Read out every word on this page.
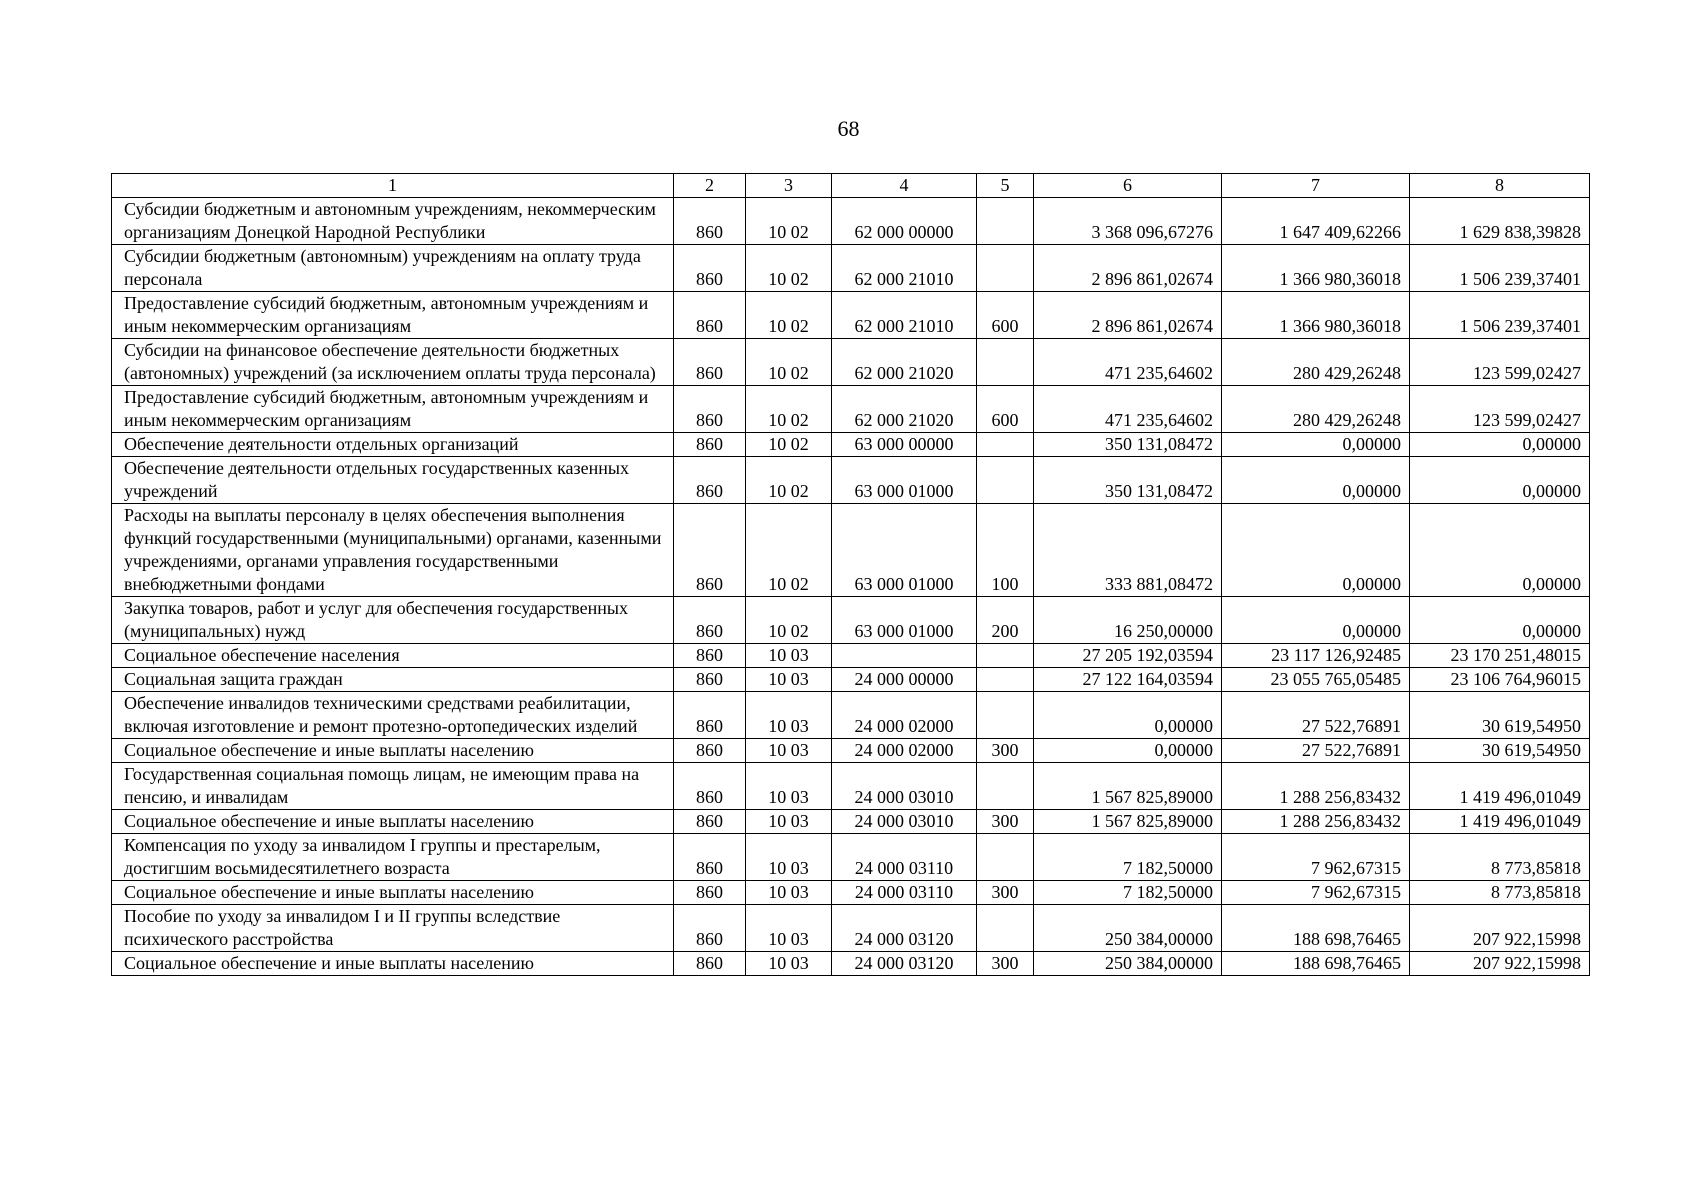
68
1	2	3	4	5	6	7	8
Субсидии бюджетным и автономным учреждениям, некоммерческим организациям Донецкой Народной Республики	860	10 02	62 000 00000		3 368 096,67276	1 647 409,62266	1 629 838,39828
Субсидии бюджетным (автономным) учреждениям на оплату труда персонала	860	10 02	62 000 21010		2 896 861,02674	1 366 980,36018	1 506 239,37401
Предоставление субсидий бюджетным, автономным учреждениям и иным некоммерческим организациям	860	10 02	62 000 21010	600	2 896 861,02674	1 366 980,36018	1 506 239,37401
Субсидии на финансовое обеспечение деятельности бюджетных (автономных) учреждений (за исключением оплаты труда персонала)	860	10 02	62 000 21020		471 235,64602	280 429,26248	123 599,02427
Предоставление субсидий бюджетным, автономным учреждениям и иным некоммерческим организациям	860	10 02	62 000 21020	600	471 235,64602	280 429,26248	123 599,02427
Обеспечение деятельности отдельных организаций	860	10 02	63 000 00000		350 131,08472	0,00000	0,00000
Обеспечение деятельности отдельных государственных казенных учреждений	860	10 02	63 000 01000		350 131,08472	0,00000	0,00000
Расходы на выплаты персоналу в целях обеспечения выполнения функций государственными (муниципальными) органами, казенными учреждениями, органами управления государственными внебюджетными фондами	860	10 02	63 000 01000	100	333 881,08472	0,00000	0,00000
Закупка товаров, работ и услуг для обеспечения государственных (муниципальных) нужд	860	10 02	63 000 01000	200	16 250,00000	0,00000	0,00000
Социальное обеспечение населения	860	10 03			27 205 192,03594	23 117 126,92485	23 170 251,48015
Социальная защита граждан	860	10 03	24 000 00000		27 122 164,03594	23 055 765,05485	23 106 764,96015
Обеспечение инвалидов техническими средствами реабилитации, включая изготовление и ремонт протезно-ортопедических изделий	860	10 03	24 000 02000		0,00000	27 522,76891	30 619,54950
Социальное обеспечение и иные выплаты населению	860	10 03	24 000 02000	300	0,00000	27 522,76891	30 619,54950
Государственная социальная помощь лицам, не имеющим права на пенсию, и инвалидам	860	10 03	24 000 03010		1 567 825,89000	1 288 256,83432	1 419 496,01049
Социальное обеспечение и иные выплаты населению	860	10 03	24 000 03010	300	1 567 825,89000	1 288 256,83432	1 419 496,01049
Компенсация по уходу за инвалидом I группы и престарелым, достигшим восьмидесятилетнего возраста	860	10 03	24 000 03110		7 182,50000	7 962,67315	8 773,85818
Социальное обеспечение и иные выплаты населению	860	10 03	24 000 03110	300	7 182,50000	7 962,67315	8 773,85818
Пособие по уходу за инвалидом I и II группы вследствие психического расстройства	860	10 03	24 000 03120		250 384,00000	188 698,76465	207 922,15998
Социальное обеспечение и иные выплаты населению	860	10 03	24 000 03120	300	250 384,00000	188 698,76465	207 922,15998
